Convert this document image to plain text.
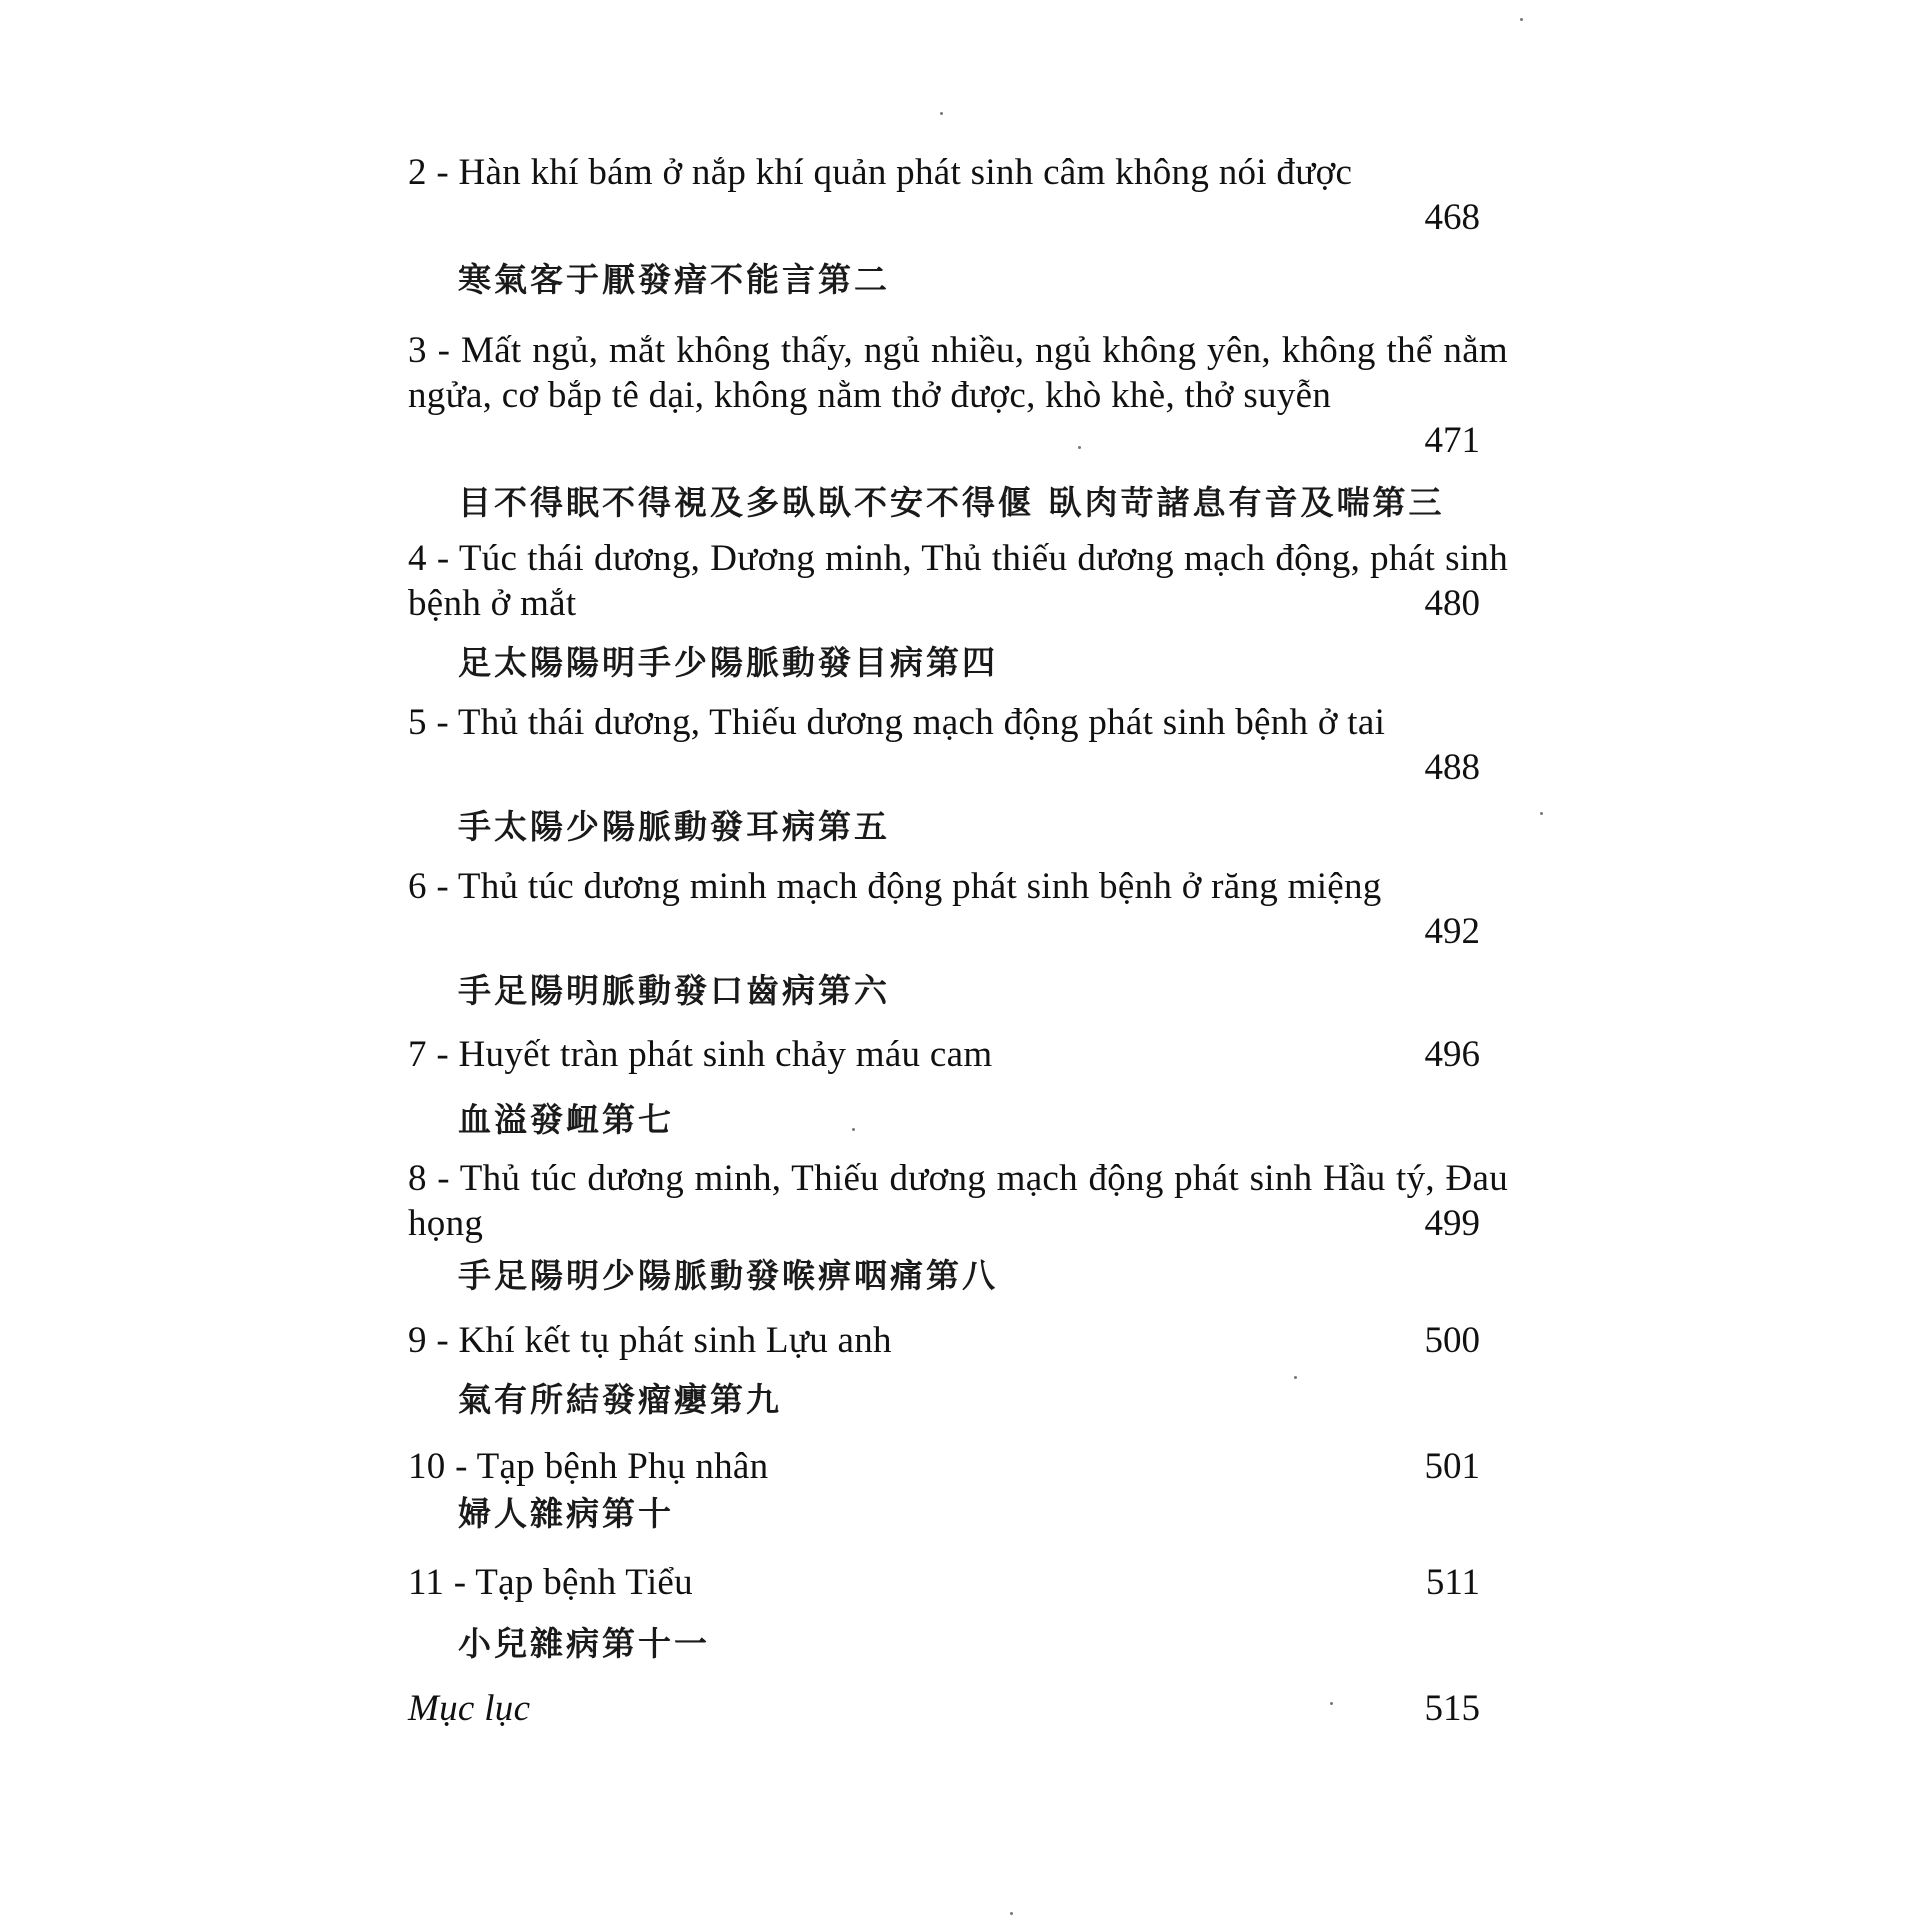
2 - Hàn khí bám ở nắp khí quản phát sinh câm không nói được

468
寒氣客于厭發瘖不能言第二

3 - Mất ngủ, mắt không thấy, ngủ nhiều, ngủ không yên, không thể nằm ngửa, cơ bắp tê dại, không nằm thở được, khò khè, thở suyễn

471
目不得眠不得視及多臥臥不安不得偃 臥肉苛諸息有音及喘第三

4 - Túc thái dương, Dương minh, Thủ thiếu dương mạch động, phát sinh bệnh ở mắt	480
足太陽陽明手少陽脈動發目病第四

5 - Thủ thái dương, Thiếu dương mạch động phát sinh bệnh ở tai

488
手太陽少陽脈動發耳病第五

6 - Thủ túc dương minh mạch động phát sinh bệnh ở răng miệng

492
手足陽明脈動發口齒病第六

7 - Huyết tràn phát sinh chảy máu cam	496
血溢發衄第七

8 - Thủ túc dương minh, Thiếu dương mạch động phát sinh Hầu tý, Đau họng	499
手足陽明少陽脈動發喉痹咽痛第八

9 - Khí kết tụ phát sinh Lựu anh	500
氣有所結發瘤癭第九

10 - Tạp bệnh Phụ nhân	501
婦人雜病第十

11 - Tạp bệnh Tiểu	511
小兒雜病第十一

Mục lục	515
